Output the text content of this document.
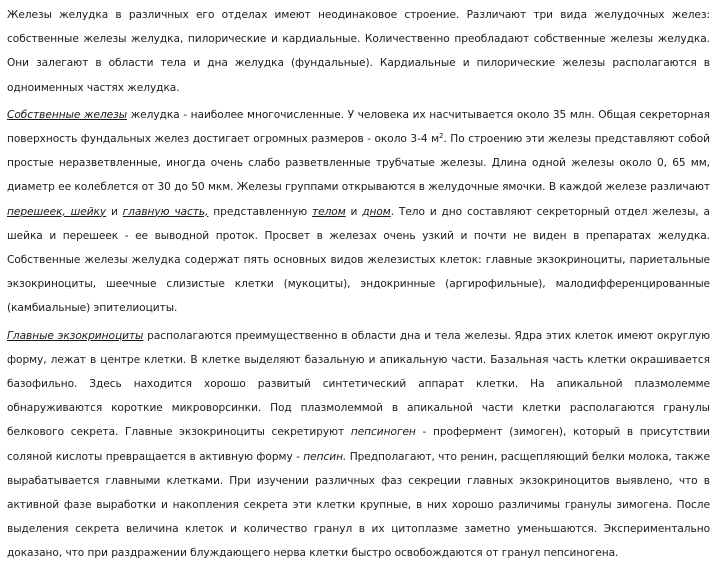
Железы желудка в различных его отделах имеют неодинаковое строение. Различают три вида желудочных желез: собственные железы желудка, пилорические и кардиальные. Количественно преобладают собственные железы желудка. Они залегают в области тела и дна желудка (фундальные). Кардиальные и пилорические железы располагаются в одноименных частях желудка.

Собственные железы желудка - наиболее многочисленные. У человека их насчитывается около 35 млн. Общая секреторная поверхность фундальных желез достигает огромных размеров - около 3-4 $м^2$. По строению эти железы представляют собой простые неразветвленные, иногда очень слабо разветвленные трубчатые железы. Длина одной железы около 0, 65 мм, диаметр ее колеблется от 30 до 50 мкм. Железы группами открываются в желудочные ямочки. В каждой железе различают перешеек, шейку и главную часть, представленную телом и дном. Тело и дно составляют секреторный отдел железы, а шейка и перешеек - ее выводной проток. Просвет в железах очень узкий и почти не виден в препаратах желудка. Собственные железы желудка содержат пять основных видов железистых клеток: главные экзокриноциты, париетальные экзокриноциты, шеечные слизистые клетки (мукоциты), эндокринные (аргирофильные), малодифференцированные (камбиальные) эпителиоциты.

Главные экзокриноциты располагаются преимущественно в области дна и тела железы. Ядра этих клеток имеют округлую форму, лежат в центре клетки. В клетке выделяют базальную и апикальную части. Базальная часть клетки окрашивается базофильно. Здесь находится хорошо развитый синтетический аппарат клетки. На апикальной плазмолемме обнаруживаются короткие микроворсинки. Под плазмолеммой в апикальной части клетки располагаются гранулы белкового секрета. Главные экзокриноциты секретируют пепсиноген - профермент (зимоген), который в присутствии соляной кислоты превращается в активную форму - пепсин. Предполагают, что ренин, расщепляющий белки молока, также вырабатывается главными клетками. При изучении различных фаз секреции главных экзокриноцитов выявлено, что в активной фазе выработки и накопления секрета эти клетки крупные, в них хорошо различимы гранулы зимогена. После выделения секрета величина клеток и количество гранул в их цитоплазме заметно уменьшаются. Экспериментально доказано, что при раздражении блуждающего нерва клетки быстро освобождаются от гранул пепсиногена.
